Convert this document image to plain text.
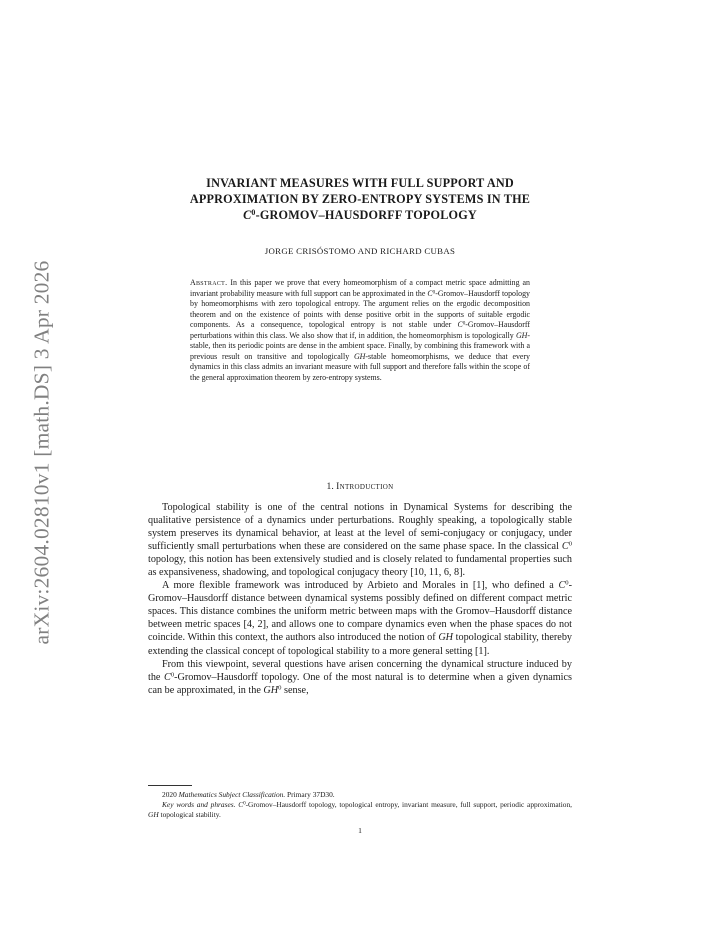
arXiv:2604.02810v1 [math.DS] 3 Apr 2026
INVARIANT MEASURES WITH FULL SUPPORT AND
APPROXIMATION BY ZERO-ENTROPY SYSTEMS IN THE
$C^0-GROMOV$–HAUSDORFF TOPOLOGY
JORGE CRISÓSTOMO AND RICHARD CUBAS
Abstract. In this paper we prove that every homeomorphism of a compact metric space admitting an invariant probability measure with full support can be approximated in the $C^0-Gromov$–Hausdorff topology by homeomorphisms with zero topological entropy. The argument relies on the ergodic decomposition theorem and on the existence of points with dense positive orbit in the supports of suitable ergodic components. As a consequence, topological entropy is not stable under $C^0-Gromov$–Hausdorff perturbations within this class. We also show that if, in addition, the homeomorphism is topologically GH-stable, then its periodic points are dense in the ambient space. Finally, by combining this framework with a previous result on transitive and topologically GH-stable homeomorphisms, we deduce that every dynamics in this class admits an invariant measure with full support and therefore falls within the scope of the general approximation theorem by zero-entropy systems.
1. Introduction

Topological stability is one of the central notions in Dynamical Systems for describing the qualitative persistence of a dynamics under perturbations. Roughly speaking, a topologically stable system preserves its dynamical behavior, at least at the level of semi-conjugacy or conjugacy, under sufficiently small perturbations when these are considered on the same phase space. In the classical $C^0$ topology, this notion has been extensively studied and is closely related to fundamental properties such as expansiveness, shadowing, and topological conjugacy theory [10, 11, 6, 8].

A more flexible framework was introduced by Arbieto and Morales in [1], who defined a $C^0-Gromov$–Hausdorff distance between dynamical systems possibly defined on different compact metric spaces. This distance combines the uniform metric between maps with the Gromov–Hausdorff distance between metric spaces [4, 2], and allows one to compare dynamics even when the phase spaces do not coincide. Within this context, the authors also introduced the notion of GH topological stability, thereby extending the classical concept of topological stability to a more general setting [1].

From this viewpoint, several questions have arisen concerning the dynamical structure induced by the $C^0-Gromov$–Hausdorff topology. One of the most natural is to determine when a given dynamics can be approximated, in the $GH^0$ sense,

2020 Mathematics Subject Classification. Primary 37D30.

Key words and phrases. $C^0-Gromov$–Hausdorff topology, topological entropy, invariant measure, full support, periodic approximation, GH topological stability.

1
